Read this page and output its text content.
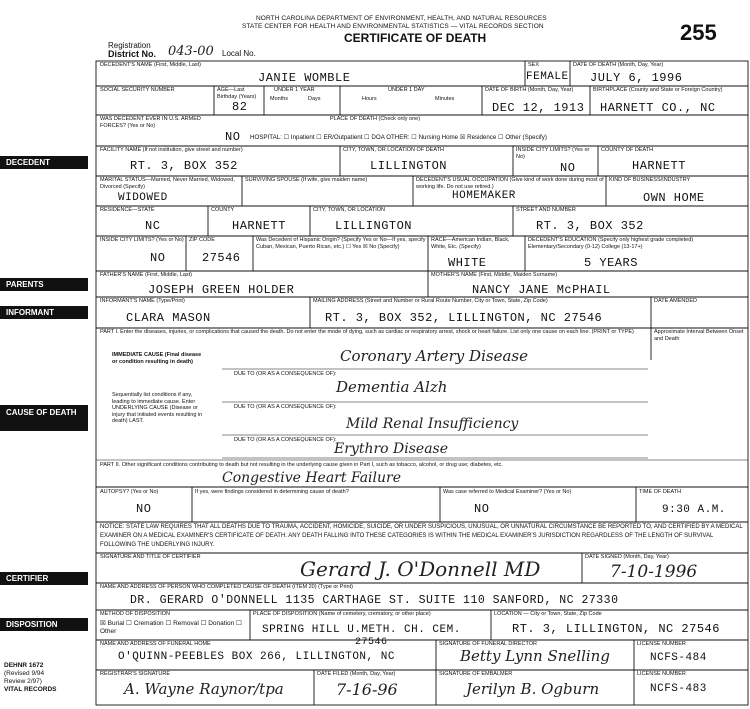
NORTH CAROLINA DEPARTMENT OF ENVIRONMENT, HEALTH, AND NATURAL RESOURCES
STATE CENTER FOR HEALTH AND ENVIRONMENTAL STATISTICS — VITAL RECORDS SECTION
CERTIFICATE OF DEATH	255
Registration
District No. 043-00 Local No.
DECEDENT
PARENTS
INFORMANT
CAUSE OF DEATH
CERTIFIER
DISPOSITION
DECEDENT'S NAME (First, Middle, Last)
JANIE WOMBLE
SEX
FEMALE
DATE OF DEATH (Month, Day, Year)
JULY 6, 1996
SOCIAL SECURITY NUMBER	AGE—Last Birthday (Years)
82
UNDER 1 YEAR
Months	Days
UNDER 1 DAY
Hours	Minutes
DATE OF BIRTH (Month, Day, Year)
DEC 12, 1913
BIRTHPLACE (County and State or Foreign Country)
HARNETT CO., NC
WAS DECEDENT EVER IN U.S. ARMED FORCES? (Yes or No)
NO
PLACE OF DEATH (Check only one)
HOSPITAL: ☐ Inpatient ☐ ER/Outpatient ☐ DOA OTHER: ☐ Nursing Home ☒ Residence ☐ Other (Specify)
FACILITY NAME (If not institution, give street and number)
RT. 3, BOX 352
CITY, TOWN, OR LOCATION OF DEATH
LILLINGTON
INSIDE CITY LIMITS? (Yes or No)
NO
COUNTY OF DEATH
HARNETT
MARITAL STATUS—Married, Never Married, Widowed, Divorced (Specify)
WIDOWED
SURVIVING SPOUSE (If wife, give maiden name)	DECEDENT'S USUAL OCCUPATION (Give kind of work done during most of working life. Do not use retired.)
HOMEMAKER
KIND OF BUSINESS/INDUSTRY
OWN HOME
RESIDENCE—STATE
NC
COUNTY
HARNETT
CITY, TOWN, OR LOCATION
LILLINGTON
STREET AND NUMBER
RT. 3, BOX 352
INSIDE CITY LIMITS? (Yes or No)
NO
ZIP CODE
27546
Was Decedent of Hispanic Origin? (Specify Yes or No—If yes, specify Cuban, Mexican, Puerto Rican, etc.) ☐ Yes ☒ No (Specify)
RACE—American Indian, Black, White, Etc. (Specify)
WHITE
DECEDENT'S EDUCATION (Specify only highest grade completed) Elementary/Secondary (0-12) College (13-17+)
5 YEARS
FATHER'S NAME (First, Middle, Last)
JOSEPH GREEN HOLDER
MOTHER'S NAME (First, Middle, Maiden Surname)
NANCY JANE McPHAIL
INFORMANT'S NAME (Type/Print)
CLARA MASON
MAILING ADDRESS (Street and Number or Rural Route Number, City or Town, State, Zip Code)
RT. 3, BOX 352, LILLINGTON, NC 27546
DATE AMENDED
PART I. Enter the diseases, injuries, or complications that caused the death. Do not enter the mode of dying, such as cardiac or respiratory arrest, shock or heart failure. List only one cause on each line. (PRINT or TYPE)	Approximate Interval Between Onset and Death
IMMEDIATE CAUSE (Final disease or condition resulting in death)
Sequentially list conditions if any, leading to immediate cause. Enter UNDERLYING CAUSE (Disease or injury that initiated events resulting in death) LAST.
Coronary Artery Disease
DUE TO (OR AS A CONSEQUENCE OF):
Dementia Alzh
DUE TO (OR AS A CONSEQUENCE OF):
Mild Renal Insufficiency
DUE TO (OR AS A CONSEQUENCE OF):
Erythro Disease
PART II. Other significant conditions contributing to death but not resulting in the underlying cause given in Part I, such as tobacco, alcohol, or drug use; diabetes, etc.
Congestive Heart Failure
AUTOPSY? (Yes or No)
NO
If yes, were findings considered in determining cause of death?	Was case referred to Medical Examiner? (Yes or No)
NO
TIME OF DEATH
9:30 A.M.
NOTICE: STATE LAW REQUIRES THAT ALL DEATHS DUE TO TRAUMA, ACCIDENT, HOMICIDE, SUICIDE, OR UNDER SUSPICIOUS, UNUSUAL, OR UNNATURAL CIRCUMSTANCE BE REPORTED TO, AND CERTIFIED BY A MEDICAL EXAMINER ON A MEDICAL EXAMINER'S CERTIFICATE OF DEATH. ANY DEATH FALLING INTO THESE CATEGORIES IS WITHIN THE MEDICAL EXAMINER'S JURISDICTION REGARDLESS OF THE LENGTH OF SURVIVAL FOLLOWING THE UNDERLYING INJURY.
SIGNATURE AND TITLE OF CERTIFIER	Gerard J. O'Donnell MD	DATE SIGNED (Month, Day, Year)
7-10-1996
NAME AND ADDRESS OF PERSON WHO COMPLETED CAUSE OF DEATH (ITEM 20) (Type or Print)
DR. GERARD O'DONNELL 1135 CARTHAGE ST. SUITE 110 SANFORD, NC 27330
METHOD OF DISPOSITION
☒ Burial ☐ Cremation ☐ Removal ☐ Donation ☐ Other
PLACE OF DISPOSITION (Name of cemetery, crematory, or other place)
SPRING HILL U.METH. CH. CEM.
LOCATION — City or Town, State, Zip Code
RT. 3, LILLINGTON, NC 27546
NAME AND ADDRESS OF FUNERAL HOME	27546
O'QUINN-PEEBLES BOX 266, LILLINGTON, NC
SIGNATURE OF FUNERAL DIRECTOR
Betty Lynn Snelling
LICENSE NUMBER
NCFS-484
REGISTRAR'S SIGNATURE
A. Wayne Raynor/tpa
DATE FILED (Month, Day, Year)
7-16-96
SIGNATURE OF EMBALMER
Jerilyn B. Ogburn
LICENSE NUMBER
NCFS-483
DEHNR 1672
(Revised 9/94
Review 2/97)
VITAL RECORDS
